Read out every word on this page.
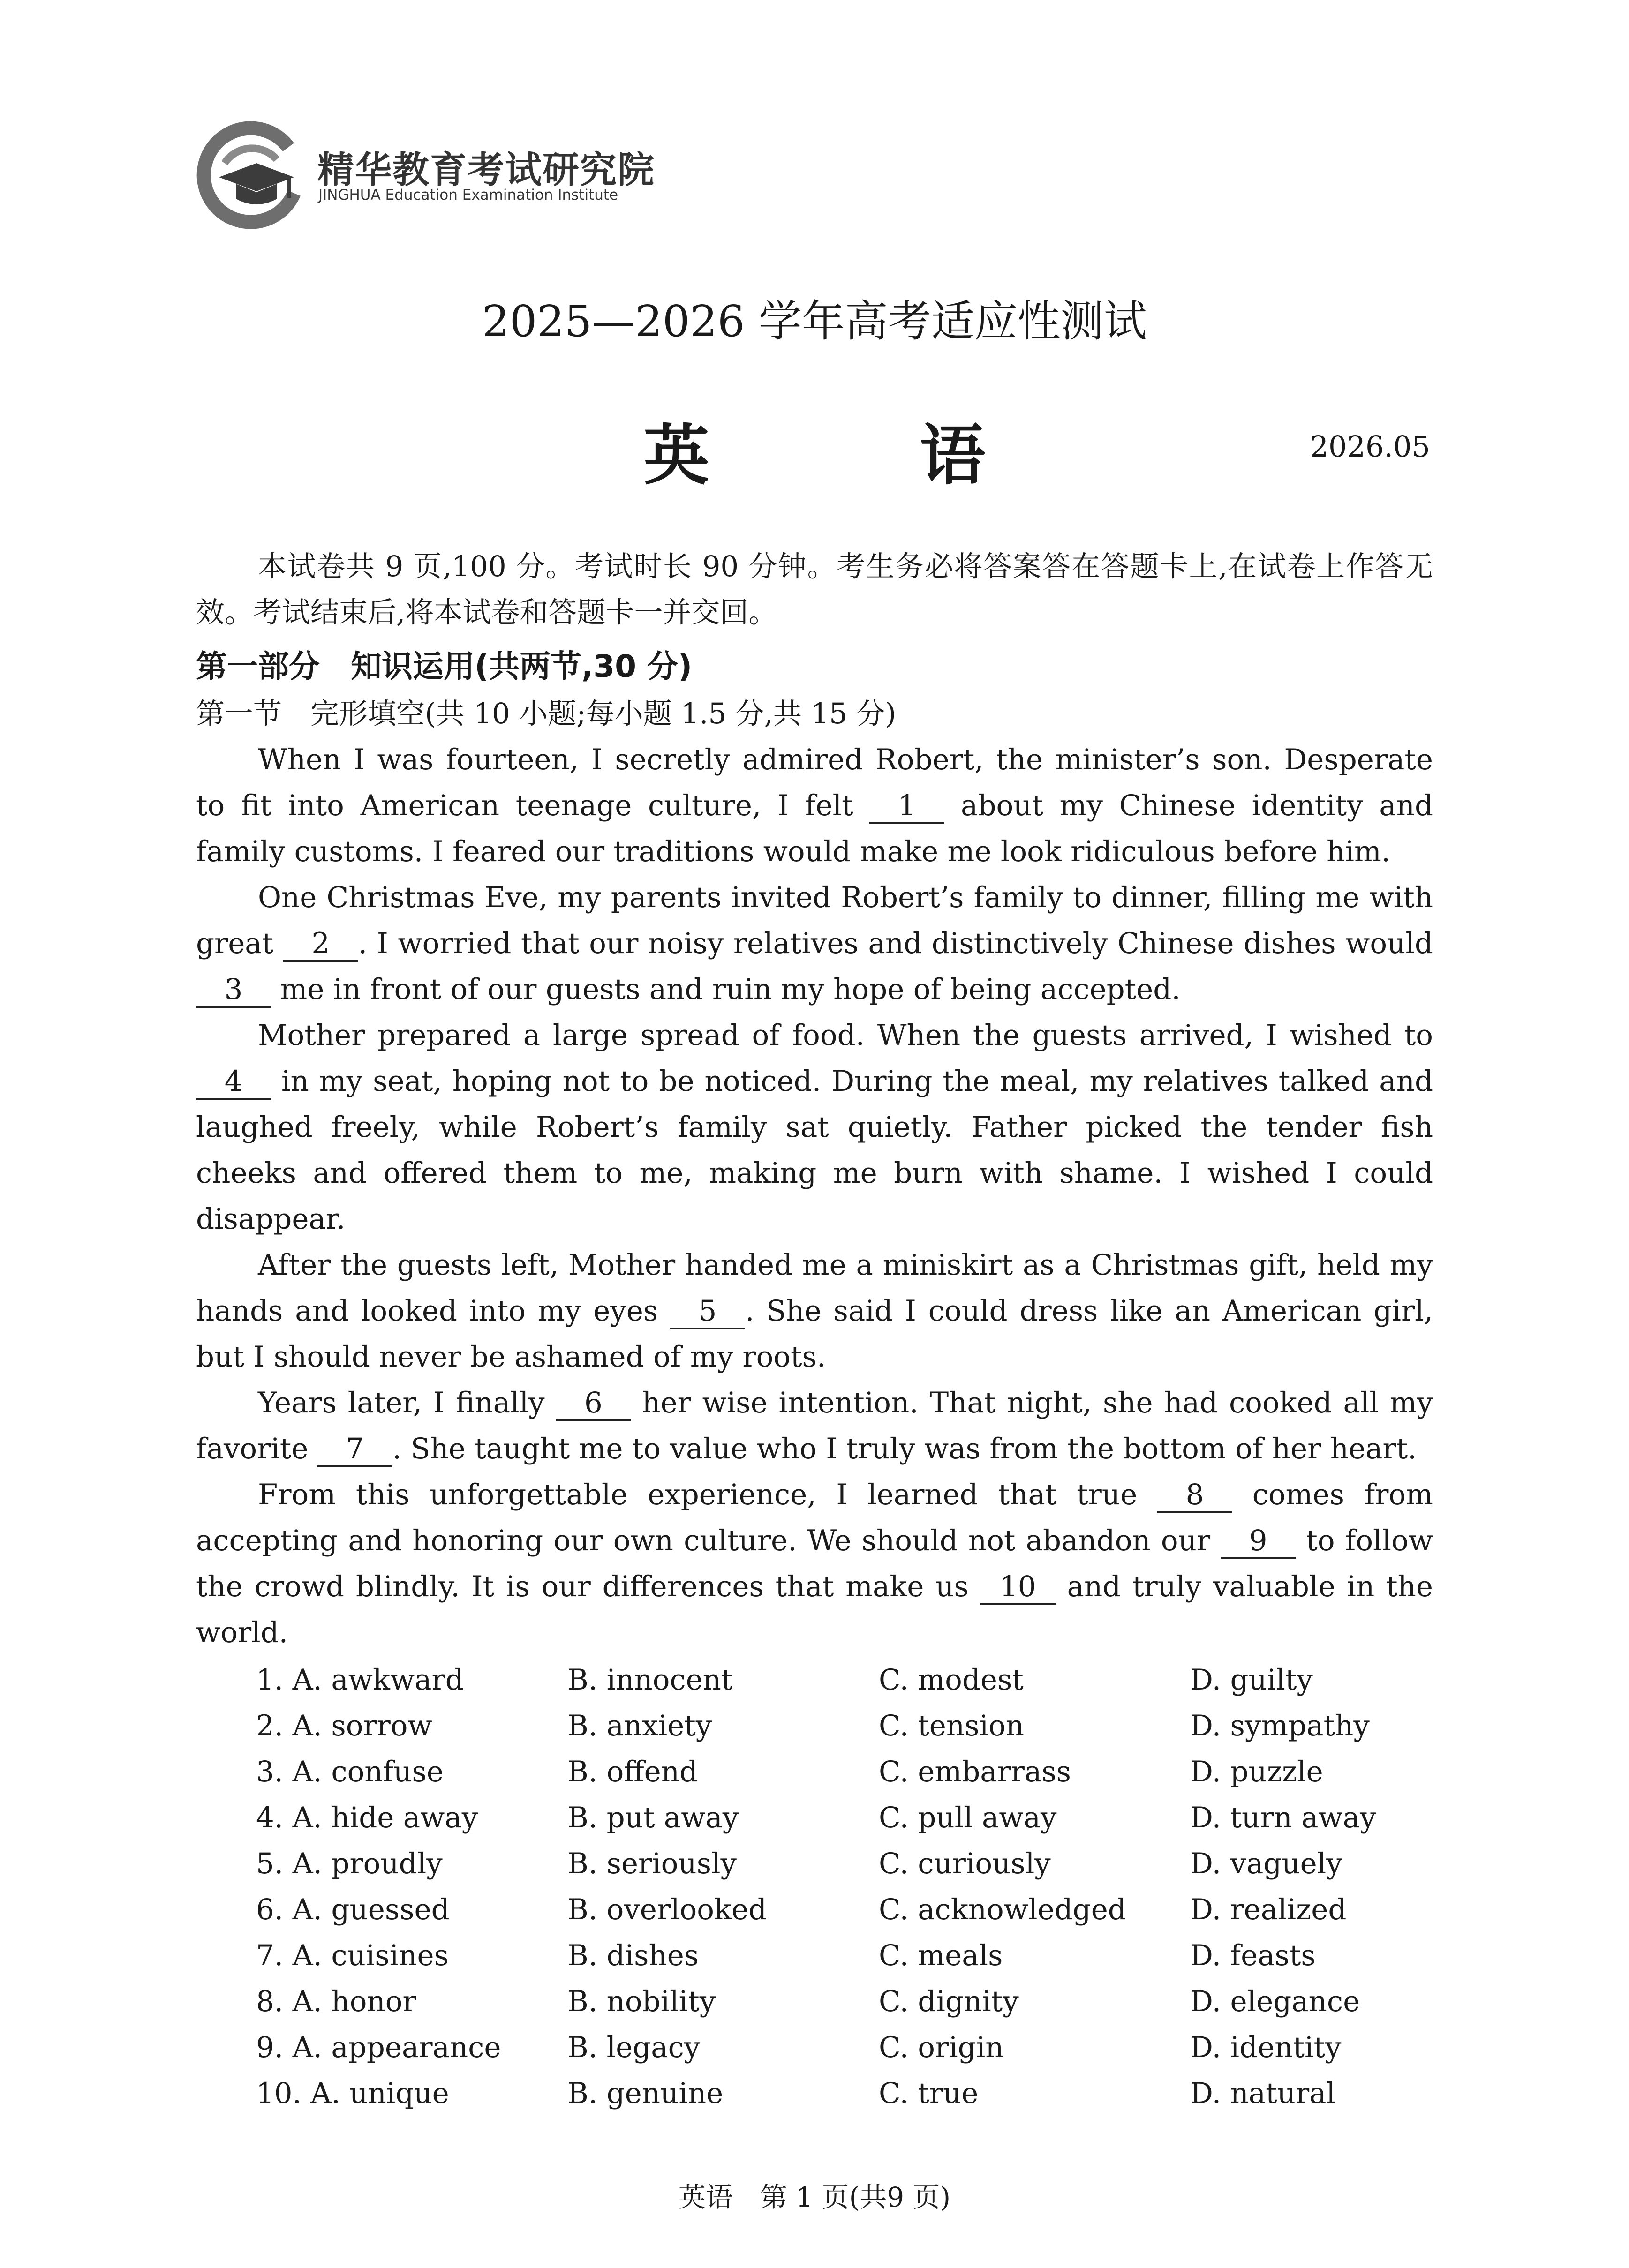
精华教育考试研究院
JINGHUA Education Examination Institute
2025—2026 学年高考适应性测试
英 语	2026.05

本试卷共 9 页,100 分。考试时长 90 分钟。考生务必将答案答在答题卡上,在试卷上作答无效。考试结束后,将本试卷和答题卡一并交回。

第一部分　知识运用(共两节,30 分)
第一节　完形填空(共 10 小题;每小题 1.5 分,共 15 分)

When I was fourteen, I secretly admired Robert, the minister’s son. Desperate to fit into American teenage culture, I felt 1 about my Chinese identity and family customs. I feared our traditions would make me look ridiculous before him.

One Christmas Eve, my parents invited Robert’s family to dinner, filling me with great 2 . I worried that our noisy relatives and distinctively Chinese dishes would 3 me in front of our guests and ruin my hope of being accepted.

Mother prepared a large spread of food. When the guests arrived, I wished to 4 in my seat, hoping not to be noticed. During the meal, my relatives talked and laughed freely, while Robert’s family sat quietly. Father picked the tender fish cheeks and offered them to me, making me burn with shame. I wished I could disappear.

After the guests left, Mother handed me a miniskirt as a Christmas gift, held my hands and looked into my eyes 5 . She said I could dress like an American girl, but I should never be ashamed of my roots.

Years later, I finally 6 her wise intention. That night, she had cooked all my favorite 7 . She taught me to value who I truly was from the bottom of her heart.

From this unforgettable experience, I learned that true 8 comes from accepting and honoring our own culture. We should not abandon our 9 to follow the crowd blindly. It is our differences that make us 10 and truly valuable in the world.

1. A. awkward	B. innocent	C. modest	D. guilty
2. A. sorrow	B. anxiety	C. tension	D. sympathy
3. A. confuse	B. offend	C. embarrass	D. puzzle
4. A. hide away	B. put away	C. pull away	D. turn away
5. A. proudly	B. seriously	C. curiously	D. vaguely
6. A. guessed	B. overlooked	C. acknowledged	D. realized
7. A. cuisines	B. dishes	C. meals	D. feasts
8. A. honor	B. nobility	C. dignity	D. elegance
9. A. appearance	B. legacy	C. origin	D. identity
10. A. unique	B. genuine	C. true	D. natural
英语　第 1 页(共9 页)
